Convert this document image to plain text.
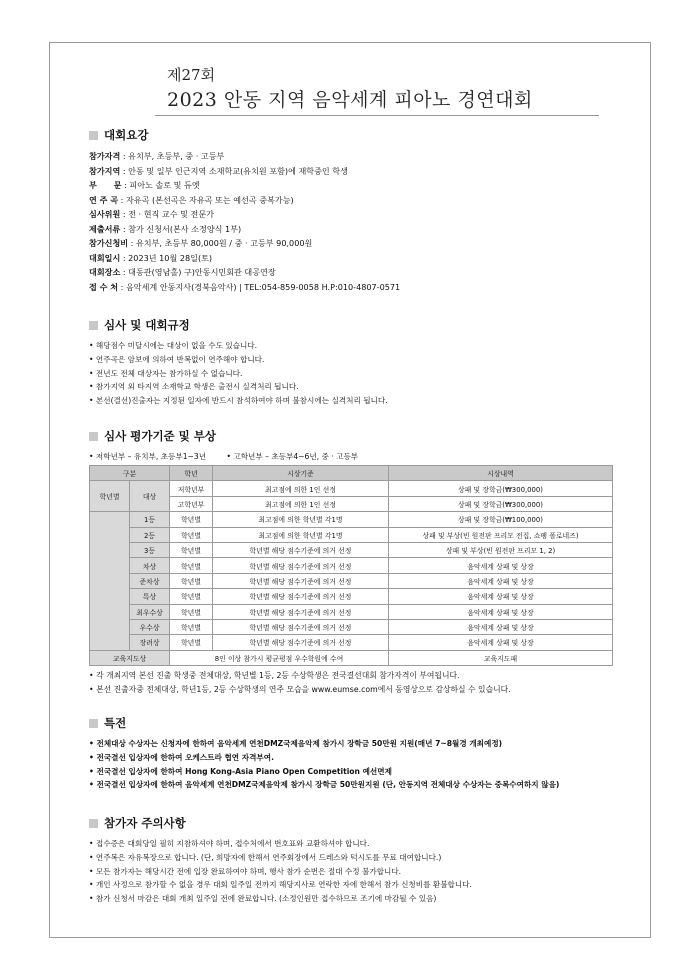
제27회
2023 안동 지역 음악세계 피아노 경연대회
대회요강
참가자격 : 유치부, 초등부, 중 · 고등부
참가지역 : 안동 및 일부 인근지역 소재학교(유치원 포함)에 재학중인 학생
부      문 : 피아노 솔로 및 듀엣
연 주 곡 : 자유곡 (본선곡은 자유곡 또는 예선곡 중복가능)
심사위원 : 전 · 현직 교수 및 전문가
제출서류 : 참가 신청서(본사 소정양식 1부)
참가신청비 : 유치부, 초등부 80,000원 / 중 · 고등부 90,000원
대회일시 : 2023년 10월 28일(토)
대회장소 : 대동관(영남홀) 구)안동시민회관 대공연장
접 수 처 : 음악세계 안동지사(경북음악사) | TEL:054-859-0058 H.P:010-4807-0571
심사 및 대회규정
• 해당점수 미달시에는 대상이 없을 수도 있습니다.
• 연주곡은 암보에 의하여 반복없이 연주해야 합니다.
• 전년도 전체 대상자는 참가하실 수 없습니다.
• 참가지역 외 타지역 소재학교 학생은 출전시 실격처리 됩니다.
• 본선(결선)진출자는 지정된 일자에 반드시 참석하여야 하며 불참시에는 실격처리 됩니다.
심사 평가기준 및 부상
• 저학년부 – 유치부, 초등부1~3년	• 고학년부 – 초등부4~6년, 중 · 고등부
구분		학년	시상기준	시상내역
학년별	대상	저학년부	최고점에 의한 1인 선정	상패 및 장학금(₩300,000)
		고학년부	최고점에 의한 1인 선정	상패 및 장학금(₩300,000)
	1등	학년별	최고점에 의한 학년별 각1명	상패 및 장학금(₩100,000)
	2등	학년별	최고점에 의한 학년별 각1명	상패 및 부상(빈 원전판 프리모 전집, 쇼팽 폴로네즈)
	3등	학년별	학년별 해당 점수기준에 의거 선정	상패 및 부상(빈 원전판 프리모 1, 2)
	차상	학년별	학년별 해당 점수기준에 의거 선정	음악세계 상패 및 상장
	준차상	학년별	학년별 해당 점수기준에 의거 선정	음악세계 상패 및 상장
	특상	학년별	학년별 해당 점수기준에 의거 선정	음악세계 상패 및 상장
	최우수상	학년별	학년별 해당 점수기준에 의거 선정	음악세계 상패 및 상장
	우수상	학년별	학년별 해당 점수기준에 의거 선정	음악세계 상패 및 상장
	장려상	학년별	학년별 해당 점수기준에 의거 선정	음악세계 상패 및 상장
교육지도상		8인 이상 참가시 평균평점 우수학원에 수여		교육지도패
• 각 개최지역 본선 진출 학생중 전체대상, 학년별 1등, 2등 수상학생은 전국결선대회 참가자격이 부여됩니다.
• 본선 진출자중 전체대상, 학년1등, 2등 수상학생의 연주 모습을 www.eumse.com에서 동영상으로 감상하실 수 있습니다.
특전
• 전체대상 수상자는 신청자에 한하여 음악세계 연천DMZ국제음악제 참가시 장학금 50만원 지원(매년 7~8월경 개최예정)
• 전국결선 입상자에 한하여 오케스트라 협연 자격부여.
• 전국결선 입상자에 한하여 Hong Kong-Asia Piano Open Competition 예선면제
• 전국결선 입상자에 한하여 음악세계 연천DMZ국제음악제 참가시 장학금 50만원지원 (단, 안동지역 전체대상 수상자는 중복수여하지 않음)
참가자 주의사항
• 접수증은 대회당일 필히 지참하셔야 하며, 접수처에서 번호표와 교환하셔야 합니다.
• 연주복은 자유복장으로 합니다. (단, 희망자에 한해서 연주회장에서 드레스와 턱시도를 무료 대여합니다.)
• 모든 참가자는 해당시간 전에 입장 완료하여야 하며, 행사 참가 순번은 절대 수정 불가합니다.
• 개인 사정으로 참가할 수 없을 경우 대회 일주일 전까지 해당지사로 연락한 자에 한해서 참가 신청비를 환불합니다.
• 참가 신청서 마감은 대회 개최 일주일 전에 완료합니다. (소정인원만 접수하므로 조기에 마감될 수 있음)
